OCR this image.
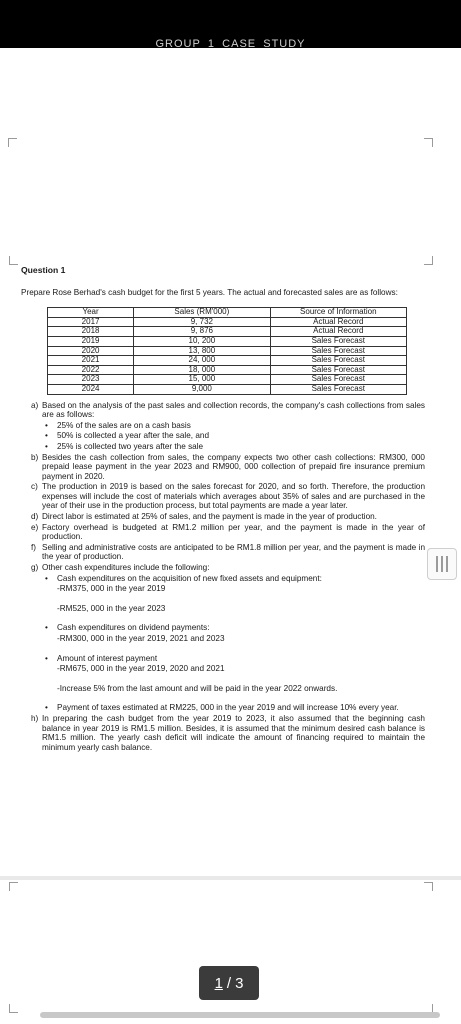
GROUP_1_CASE_STUDY
Question 1
Prepare Rose Berhad's cash budget for the first 5 years. The actual and forecasted sales are as follows:
Year	Sales (RM'000)	Source of Information
2017	9, 732	Actual Record
2018	9, 876	Actual Record
2019	10, 200	Sales Forecast
2020	13, 800	Sales Forecast
2021	24, 000	Sales Forecast
2022	18, 000	Sales Forecast
2023	15, 000	Sales Forecast
2024	9,000	Sales Forecast
a) Based on the analysis of the past sales and collection records, the company's cash collections from sales are as follows:
•	25% of the sales are on a cash basis
•	50% is collected a year after the sale, and
•	25% is collected two years after the sale
b) Besides the cash collection from sales, the company expects two other cash collections: RM300, 000 prepaid lease payment in the year 2023 and RM900, 000 collection of prepaid fire insurance premium payment in 2020.
c) The production in 2019 is based on the sales forecast for 2020, and so forth. Therefore, the production expenses will include the cost of materials which averages about 35% of sales and are purchased in the year of their use in the production process, but total payments are made a year later.
d) Direct labor is estimated at 25% of sales, and the payment is made in the year of production.
e) Factory overhead is budgeted at RM1.2 million per year, and the payment is made in the year of production.
f) Selling and administrative costs are anticipated to be RM1.8 million per year, and the payment is made in the year of production.
g) Other cash expenditures include the following:
•	Cash expenditures on the acquisition of new fixed assets and equipment:
-RM375, 000 in the year 2019
-RM525, 000 in the year 2023
•	Cash expenditures on dividend payments:
-RM300, 000 in the year 2019, 2021 and 2023
•	Amount of interest payment
-RM675, 000 in the year 2019, 2020 and 2021
-Increase 5% from the last amount and will be paid in the year 2022 onwards.
•	Payment of taxes estimated at RM225, 000 in the year 2019 and will increase 10% every year.
h) In preparing the cash budget from the year 2019 to 2023, it also assumed that the beginning cash balance in year 2019 is RM1.5 million. Besides, it is assumed that the minimum desired cash balance is RM1.5 million. The yearly cash deficit will indicate the amount of financing required to maintain the minimum yearly cash balance.
1 / 3
